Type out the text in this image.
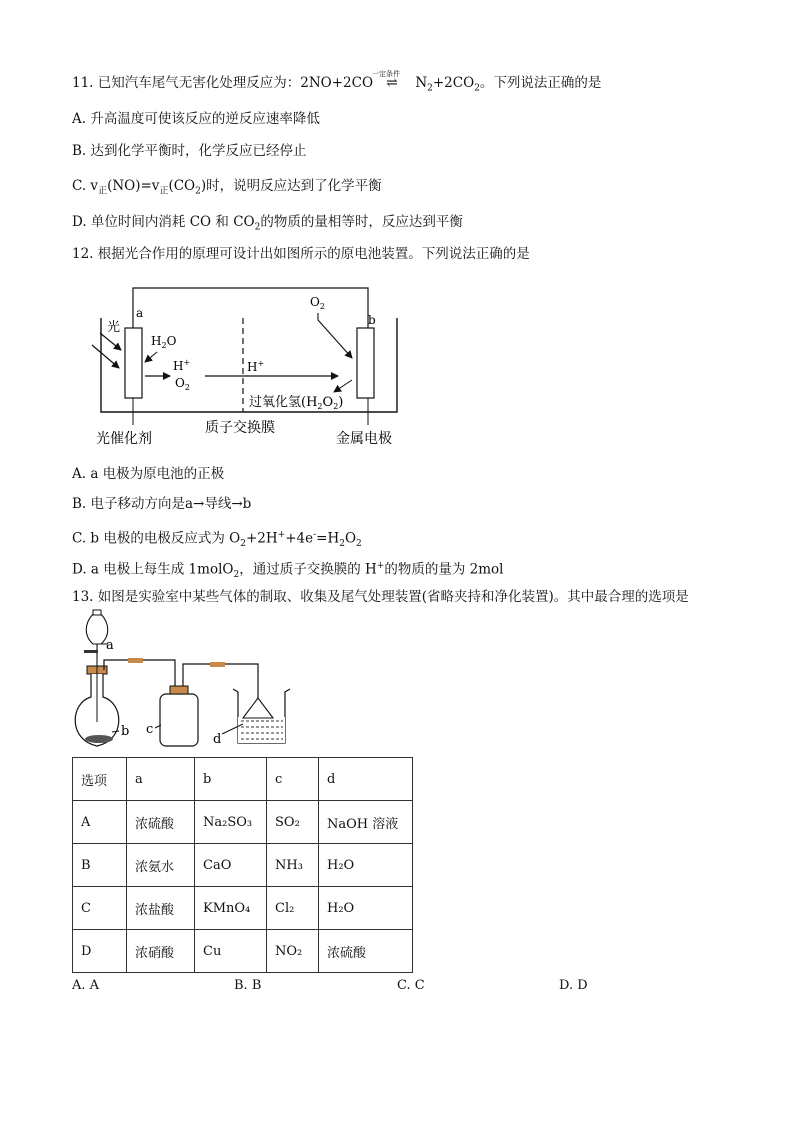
11. 已知汽车尾气无害化处理反应为：2NO+2CO
一定条件
⇌ $N_2+2CO_2$。下列说法正确的是
A. 升高温度可使该反应的逆反应速率降低
B. 达到化学平衡时，化学反应已经停止
C. $v_正(NO)=v_正(CO_2)$时，说明反应达到了化学平衡
D. 单位时间内消耗 CO 和 $CO_2$的物质的量相等时，反应达到平衡
12. 根据光合作用的原理可设计出如图所示的原电池装置。下列说法正确的是
光
a	b
$H_2O$
H+
$O_2$
H+
$O_2$
过氧化氢$(H_2O_2)$
光催化剂
质子交换膜
金属电极
A. a 电极为原电池的正极
B. 电子移动方向是a→导线→b
C. b 电极的电极反应式为 $O_2+2H^++4e^-=H_2O_2$
D. a 电极上每生成 1molO$_2$，通过质子交换膜的 H+的物质的量为 2mol
13. 如图是实验室中某些气体的制取、收集及尾气处理装置(省略夹持和净化装置)。其中最合理的选项是
a
b c
d
选项	a	b	c	d
A	浓硫酸	Na₂SO₃	SO₂	NaOH 溶液
B	浓氨水	CaO	NH₃	H₂O
C	浓盐酸	KMnO₄	Cl₂	H₂O
D	浓硝酸	Cu	NO₂	浓硫酸
A. A	B. B	C. C	D. D
